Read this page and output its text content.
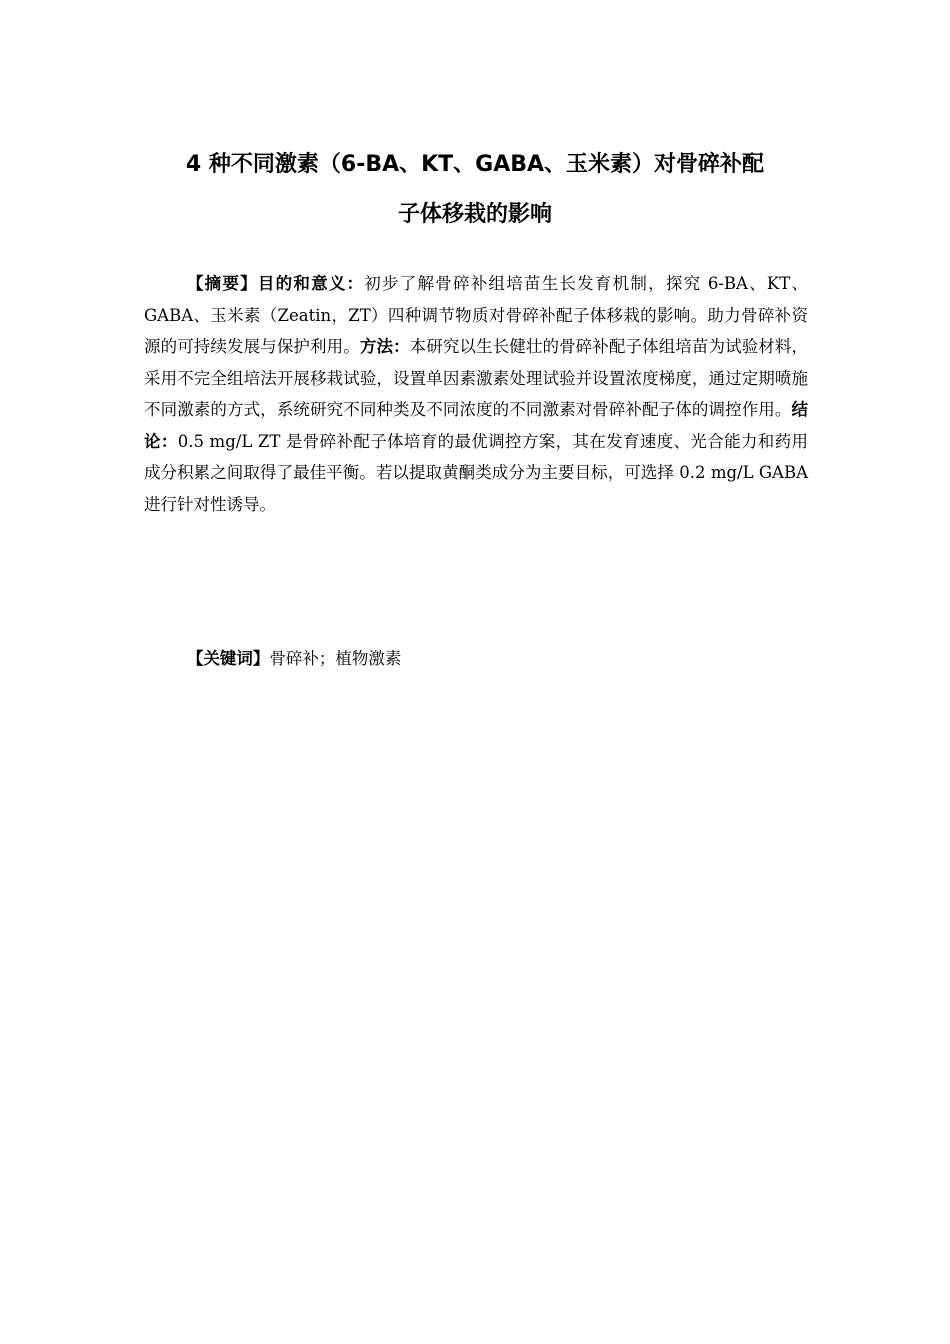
4 种不同激素（6-BA、KT、GABA、玉米素）对骨碎补配
子体移栽的影响

【摘要】目的和意义：初步了解骨碎补组培苗生长发育机制，探究 6-BA、KT、GABA、玉米素（Zeatin，ZT）四种调节物质对骨碎补配子体移栽的影响。助力骨碎补资源的可持续发展与保护利用。方法：本研究以生长健壮的骨碎补配子体组培苗为试验材料，采用不完全组培法开展移栽试验，设置单因素激素处理试验并设置浓度梯度，通过定期喷施不同激素的方式，系统研究不同种类及不同浓度的不同激素对骨碎补配子体的调控作用。结论：0.5 mg/L ZT 是骨碎补配子体培育的最优调控方案，其在发育速度、光合能力和药用成分积累之间取得了最佳平衡。若以提取黄酮类成分为主要目标，可选择 0.2 mg/L GABA 进行针对性诱导。

【关键词】骨碎补；植物激素
